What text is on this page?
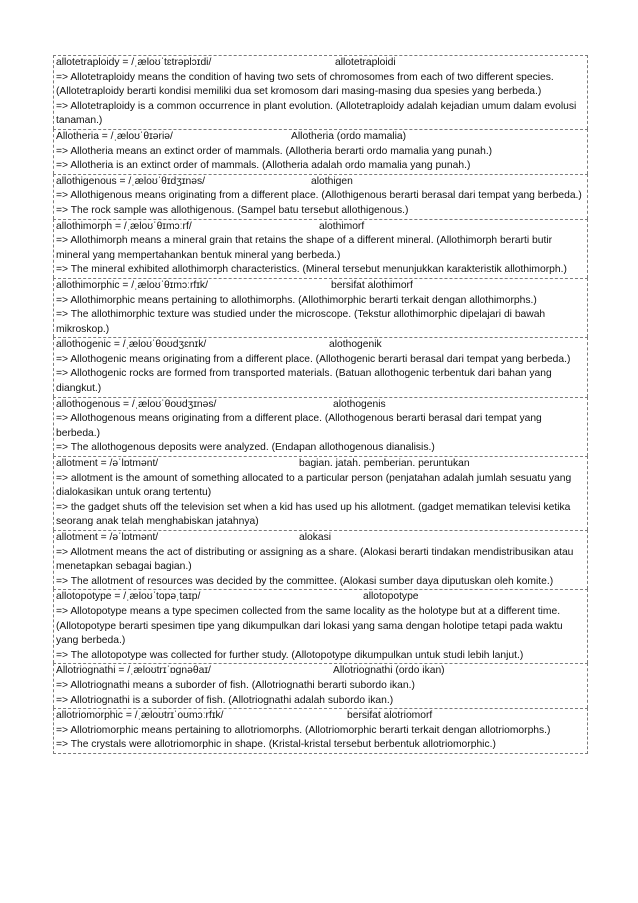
allotetraploidy = /ˌæloʊˈtɛtrəplɔɪdi/	allotetraploidi
=> Allotetraploidy means the condition of having two sets of chromosomes from each of two different species. (Allotetraploidy berarti kondisi memiliki dua set kromosom dari masing-masing dua spesies yang berbeda.)
=> Allotetraploidy is a common occurrence in plant evolution. (Allotetraploidy adalah kejadian umum dalam evolusi tanaman.)
Allotheria = /ˌæloʊˈθɪəriə/	Allotheria (ordo mamalia)
=> Allotheria means an extinct order of mammals. (Allotheria berarti ordo mamalia yang punah.)
=> Allotheria is an extinct order of mammals. (Allotheria adalah ordo mamalia yang punah.)
allothigenous = /ˌæloʊˈθɪdʒɪnəs/	alothigen
=> Allothigenous means originating from a different place. (Allothigenous berarti berasal dari tempat yang berbeda.)
=> The rock sample was allothigenous. (Sampel batu tersebut allothigenous.)
allothimorph = /ˌæloʊˈθɪmɔːrf/	alothimorf
=> Allothimorph means a mineral grain that retains the shape of a different mineral. (Allothimorph berarti butir mineral yang mempertahankan bentuk mineral yang berbeda.)
=> The mineral exhibited allothimorph characteristics. (Mineral tersebut menunjukkan karakteristik allothimorph.)
allothimorphic = /ˌæloʊˈθɪmɔːrfɪk/	bersifat alothimorf
=> Allothimorphic means pertaining to allothimorphs. (Allothimorphic berarti terkait dengan allothimorphs.)
=> The allothimorphic texture was studied under the microscope. (Tekstur allothimorphic dipelajari di bawah mikroskop.)
allothogenic = /ˌæloʊˈθoʊdʒɛnɪk/	alothogenik
=> Allothogenic means originating from a different place. (Allothogenic berarti berasal dari tempat yang berbeda.)
=> Allothogenic rocks are formed from transported materials. (Batuan allothogenic terbentuk dari bahan yang diangkut.)
allothogenous = /ˌæloʊˈθoʊdʒɪnəs/	alothogenis
=> Allothogenous means originating from a different place. (Allothogenous berarti berasal dari tempat yang berbeda.)
=> The allothogenous deposits were analyzed. (Endapan allothogenous dianalisis.)
allotment = /əˈlɒtmənt/	bagian. jatah. pemberian. peruntukan
=> allotment is the amount of something allocated to a particular person (penjatahan adalah jumlah sesuatu yang dialokasikan untuk orang tertentu)
=> the gadget shuts off the television set when a kid has used up his allotment. (gadget mematikan televisi ketika seorang anak telah menghabiskan jatahnya)
allotment = /əˈlɒtmənt/	alokasi
=> Allotment means the act of distributing or assigning as a share. (Alokasi berarti tindakan mendistribusikan atau menetapkan sebagai bagian.)
=> The allotment of resources was decided by the committee. (Alokasi sumber daya diputuskan oleh komite.)
allotopotype = /ˌæloʊˈtopəˌtaɪp/	allotopotype
=> Allotopotype means a type specimen collected from the same locality as the holotype but at a different time. (Allotopotype berarti spesimen tipe yang dikumpulkan dari lokasi yang sama dengan holotipe tetapi pada waktu yang berbeda.)
=> The allotopotype was collected for further study. (Allotopotype dikumpulkan untuk studi lebih lanjut.)
Allotriognathi = /ˌæloʊtrɪˈɒgnəθaɪ/	Allotriognathi (ordo ikan)
=> Allotriognathi means a suborder of fish. (Allotriognathi berarti subordo ikan.)
=> Allotriognathi is a suborder of fish. (Allotriognathi adalah subordo ikan.)
allotriomorphic = /ˌæloʊtrɪˈoʊmɔːrfɪk/	bersifat alotriomorf
=> Allotriomorphic means pertaining to allotriomorphs. (Allotriomorphic berarti terkait dengan allotriomorphs.)
=> The crystals were allotriomorphic in shape. (Kristal-kristal tersebut berbentuk allotriomorphic.)
